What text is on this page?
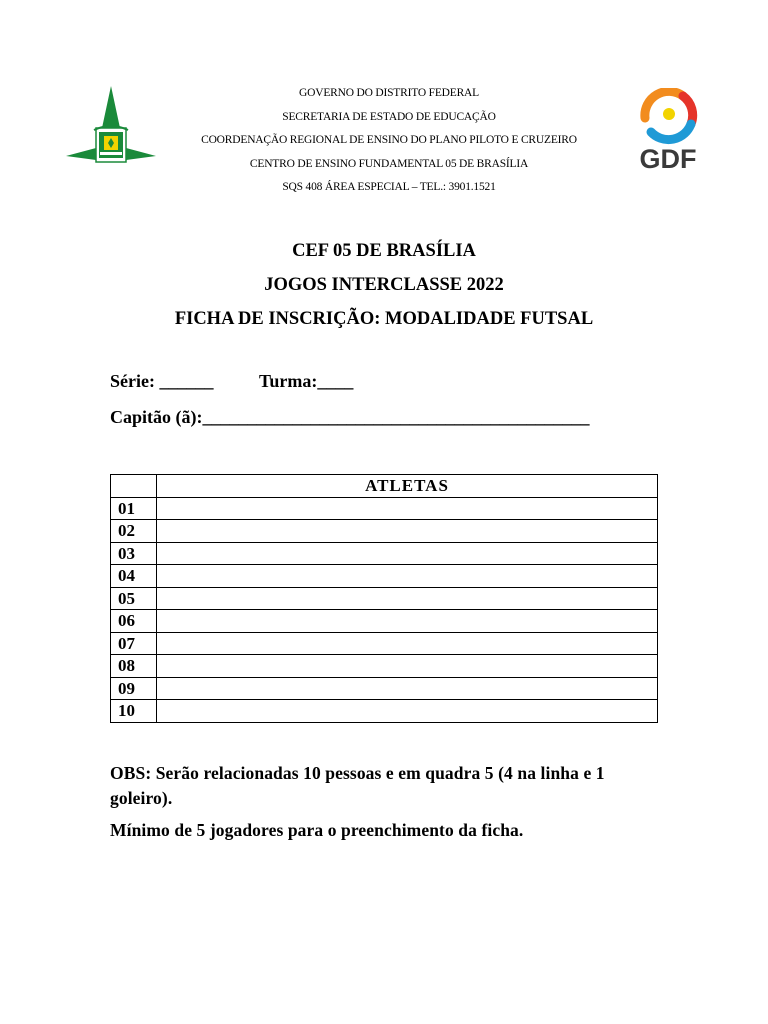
GOVERNO DO DISTRITO FEDERAL
SECRETARIA DE ESTADO DE EDUCAÇÃO
COORDENAÇÃO REGIONAL DE ENSINO DO PLANO PILOTO E CRUZEIRO
CENTRO DE ENSINO FUNDAMENTAL 05 DE BRASÍLIA
SQS 408 ÁREA ESPECIAL – TEL.: 3901.1521
GDF
CEF 05 DE BRASÍLIA
JOGOS INTERCLASSE 2022
FICHA DE INSCRIÇÃO: MODALIDADE FUTSAL
Série: ______	Turma:____
Capitão (ã):___________________________________________
	ATLETAS
01	
02	
03	
04	
05	
06	
07	
08	
09	
10	
OBS: Serão relacionadas 10 pessoas e em quadra 5 (4 na linha e 1 goleiro).
Mínimo de 5 jogadores para o preenchimento da ficha.
